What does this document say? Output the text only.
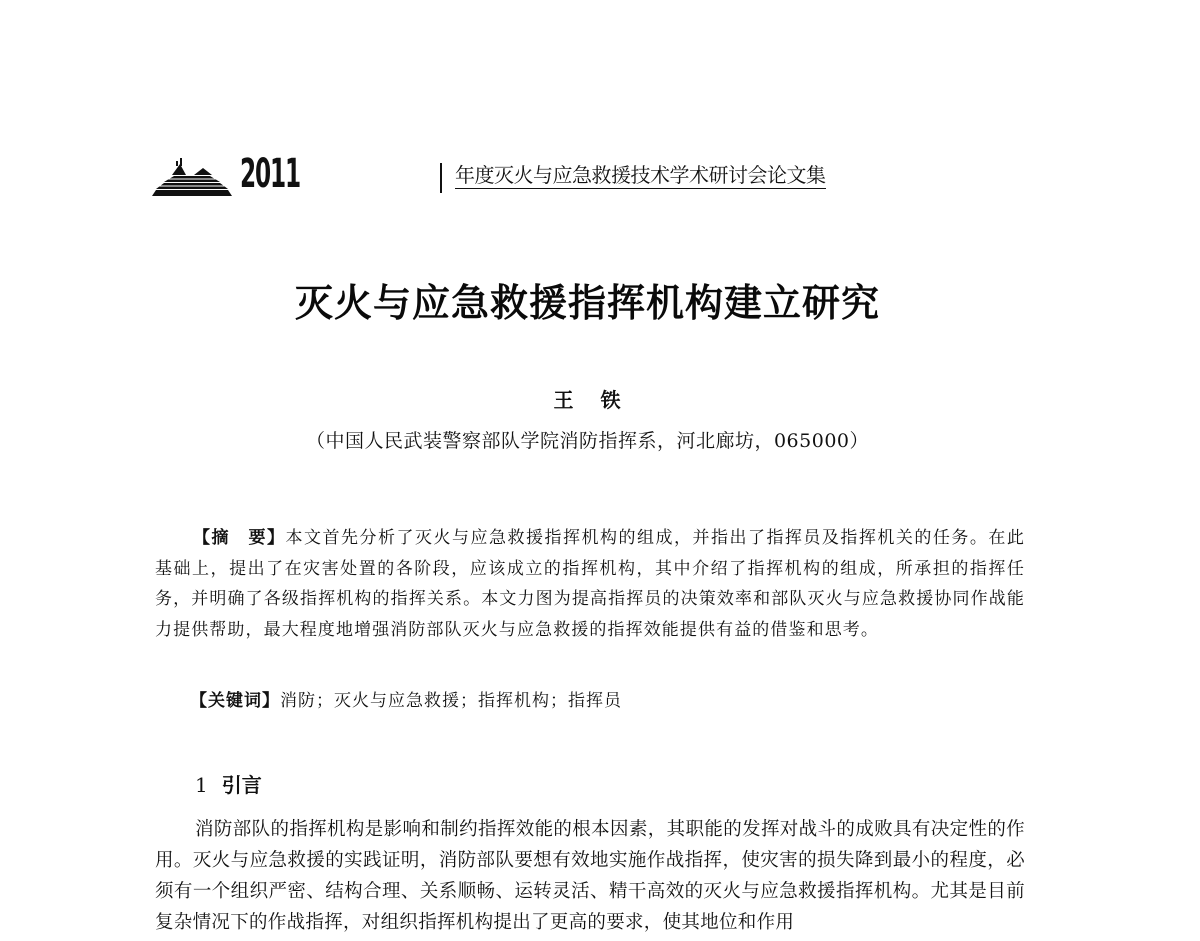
2011	年度灭火与应急救援技术学术研讨会论文集
灭火与应急救援指挥机构建立研究
王 铁
（中国人民武装警察部队学院消防指挥系，河北廊坊，065000）
【摘　要】本文首先分析了灭火与应急救援指挥机构的组成，并指出了指挥员及指挥机关的任务。在此基础上，提出了在灾害处置的各阶段，应该成立的指挥机构，其中介绍了指挥机构的组成，所承担的指挥任务，并明确了各级指挥机构的指挥关系。本文力图为提高指挥员的决策效率和部队灭火与应急救援协同作战能力提供帮助，最大程度地增强消防部队灭火与应急救援的指挥效能提供有益的借鉴和思考。
【关键词】消防；灭火与应急救援；指挥机构；指挥员
1 引言
消防部队的指挥机构是影响和制约指挥效能的根本因素，其职能的发挥对战斗的成败具有决定性的作用。灭火与应急救援的实践证明，消防部队要想有效地实施作战指挥，使灾害的损失降到最小的程度，必须有一个组织严密、结构合理、关系顺畅、运转灵活、精干高效的灭火与应急救援指挥机构。尤其是目前复杂情况下的作战指挥，对组织指挥机构提出了更高的要求，使其地位和作用
